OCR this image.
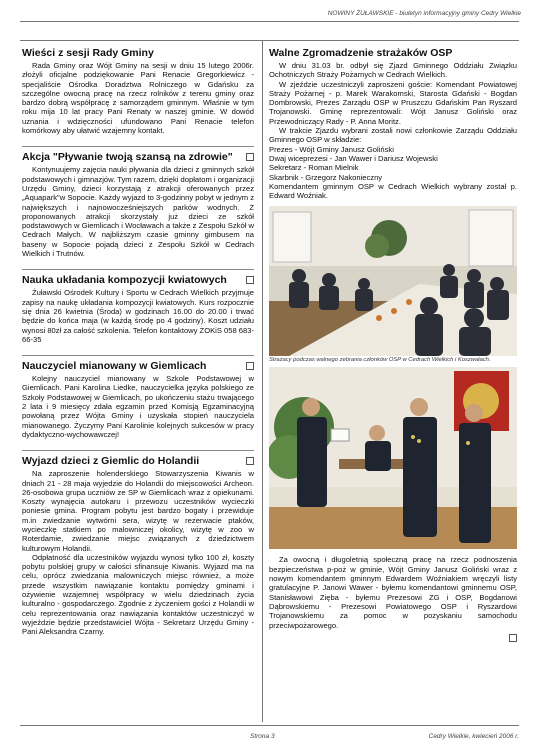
NOWINY ŻUŁAWSKIE - biuletyn informacyjny gminy Cedry Wielkie
Wieści z sesji Rady Gminy

Rada Gminy oraz Wójt Gminy na sesji w dniu 15 lutego 2006r. złożyli oficjalne podziękowanie Pani Renacie Gregorkiewicz - specjaliście Ośrodka Doradztwa Rolniczego w Gdańsku za szczególne owocną pracę na rzecz rolników z terenu gminy oraz bardzo dobrą współpracę z samorządem gminnym. Właśnie w tym roku mija 10 lat pracy Pani Renaty w naszej gminie. W dowód uznania i wdzięczności ufundowano Pani Renacie telefon komórkowy aby ułatwić wzajemny kontakt.

Akcja "Pływanie twoją szansą na zdrowie"

Kontynuujemy zajęcia nauki pływania dla dzieci z gminnych szkół podstawowych i gimnazjów. Tym razem, dzięki dopłatom i organizacji Urzędu Gminy, dzieci korzystają z atrakcji oferowanych przez „Aquapark"w Sopocie. Każdy wyjazd to 3-godzinny pobyt w jednym z największych i najnowocześniejszych parków wodnych. Z proponowanych atrakcji skorzystały już dzieci ze szkół podstawowych w Giemlicach i Wocławach a także z Zespołu Szkół w Cedrach Małych. W najbliższym czasie gminny gimbusem na baseny w Sopocie pojadą dzieci z Zespołu Szkół w Cedrach Wielkich i Trutnów.

Nauka układania kompozycji kwiatowych

Żuławski Ośrodek Kultury i Sportu w Cedrach Wielkich przyjmuje zapisy na naukę układania kompozycji kwiatowych. Kurs rozpocznie się dnia 26 kwietnia (Środa) w godzinach 16.00 do 20.00 i trwać będzie do końca maja (w każdą środę po 4 godziny). Koszt udziału wynosi 80zł za całość szkolenia. Telefon kontaktowy ŻOKiS 058 683-66-35

Nauczyciel mianowany w Giemlicach

Kolejny nauczyciel mianowany w Szkole Podstawowej w Giemlicach. Pani Karolina Liedke, nauczycielka języka polskiego ze Szkoły Podstawowej w Giemlicach, po ukończeniu stażu trwającego 2 lata i 9 miesięcy zdała egzamin przed Komisją Egzaminacyjną powołaną przez Wójta Gminy i uzyskała stopień nauczyciela mianowanego. Życzymy Pani Karolinie kolejnych sukcesów w pracy dydaktyczno-wychowawczej!

Wyjazd dzieci z Giemlic do Holandii

Na zaproszenie holenderskiego Stowarzyszenia Kiwanis w dniach 21 - 28 maja wyjedzie do Holandii do miejscowości Archeon. 26-osobowa grupa uczniów ze SP w Giemlicach wraz z opiekunami. Koszty wynajęcia autokaru i przewozu uczestników wycieczki poniesie gmina. Program pobytu jest bardzo bogaty i przewiduje m.in zwiedzanie wytwórni sera, wizytę w rezerwacie ptaków, wycieczkę statkiem po malowniczej okolicy, wizytę w zoo w Roterdamie, zwiedzanie miejsc związanych z dziedzictwem kulturowym Holandii.

Odpłatność dla uczestników wyjazdu wynosi tylko 100 zł, koszty pobytu polskiej grupy w całości sfinansuje Kiwanis. Wyjazd ma na celu, oprócz zwiedzania malowniczych miejsc również, a może przede wszystkim nawiązanie kontaktu pomiędzy gminami i ożywienie wzajemnej współpracy w wielu dziedzinach życia kulturalno - gospodarczego. Zgodnie z życzeniem gości z Holandii w celu reprezentowania oraz nawiązania kontaktów uczestniczyć w wyjeździe będzie przedstawiciel Wójta - Sekretarz Urzędu Gminy - Pani Aleksandra Czarny.

Walne Zgromadzenie strażaków OSP

W dniu 31.03 br. odbył się Zjazd Gminnego Oddziału Związku Ochotniczych Straży Pożarnych w Cedrach Wielkich.

W zjeździe uczestniczyli zaproszeni goście: Komendant Powiatowej Straży Pożarnej - p. Marek Warakomski, Starosta Gdański - Bogdan Dombrowski, Prezes Zarządu OSP w Pruszczu Gdańskim Pan Ryszard Trojanowski. Gminę reprezentowali: Wójt Janusz Goliński oraz Przewodniczący Rady - P. Anna Moritz.

W trakcie Zjazdu wybrani zostali nowi członkowie Zarządu Oddziału Gminnego OSP w składzie:

Prezes - Wójt Gminy Janusz Goliński

Dwaj wiceprezesi - Jan Wawer i Dariusz Wojewski

Sekretarz - Roman Mielnik

Skarbnik - Grzegorz Nakonieczny

Komendantem gminnym OSP w Cedrach Wielkich wybrany został p. Edward Woźniak.

Strażacy podczas walnego zebrania członków OSP w Cedrach Wielkich i Koszwałach.

Za owocną i długoletnią społeczną pracę na rzecz podnoszenia bezpieczeństwa p-poż w gminie, Wójt Gminy Janusz Goliński wraz z nowym komendantem gminnym Edwardem Woźniakiem wręczyli listy gratulacyjne P. Janowi Wawer - byłemu komendantowi gminnemu OSP, Stanisławowi Zięba - byłemu Prezesowi ZG i OSP, Bogdanowi Dąbrowskiemu - Prezesowi Powiatowego OSP i Ryszardowi Trojanowskiemu za pomoc w pozyskaniu samochodu przeciwpożarowego.

Strona 3	Cedry Wielkie, kwiecień 2006 r.
